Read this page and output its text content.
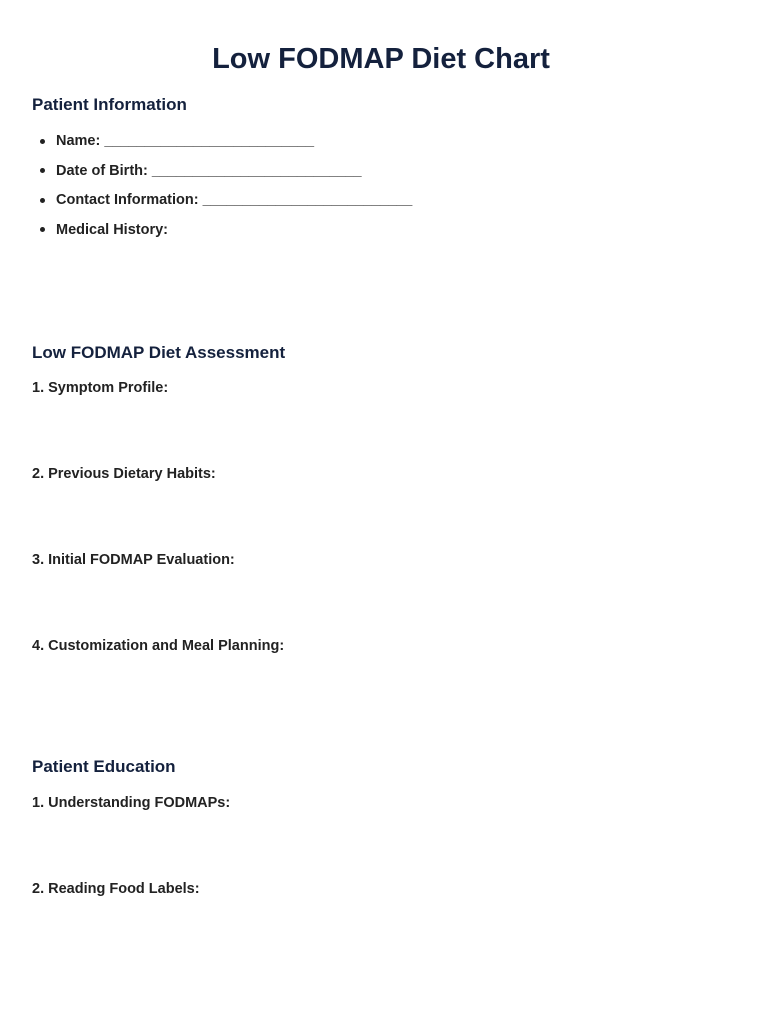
Low FODMAP Diet Chart
Patient Information
Name: __________________________
Date of Birth: __________________________
Contact Information: __________________________
Medical History:
Low FODMAP Diet Assessment

1. Symptom Profile:

2. Previous Dietary Habits:

3. Initial FODMAP Evaluation:

4. Customization and Meal Planning:

Patient Education

1. Understanding FODMAPs:

2. Reading Food Labels:
